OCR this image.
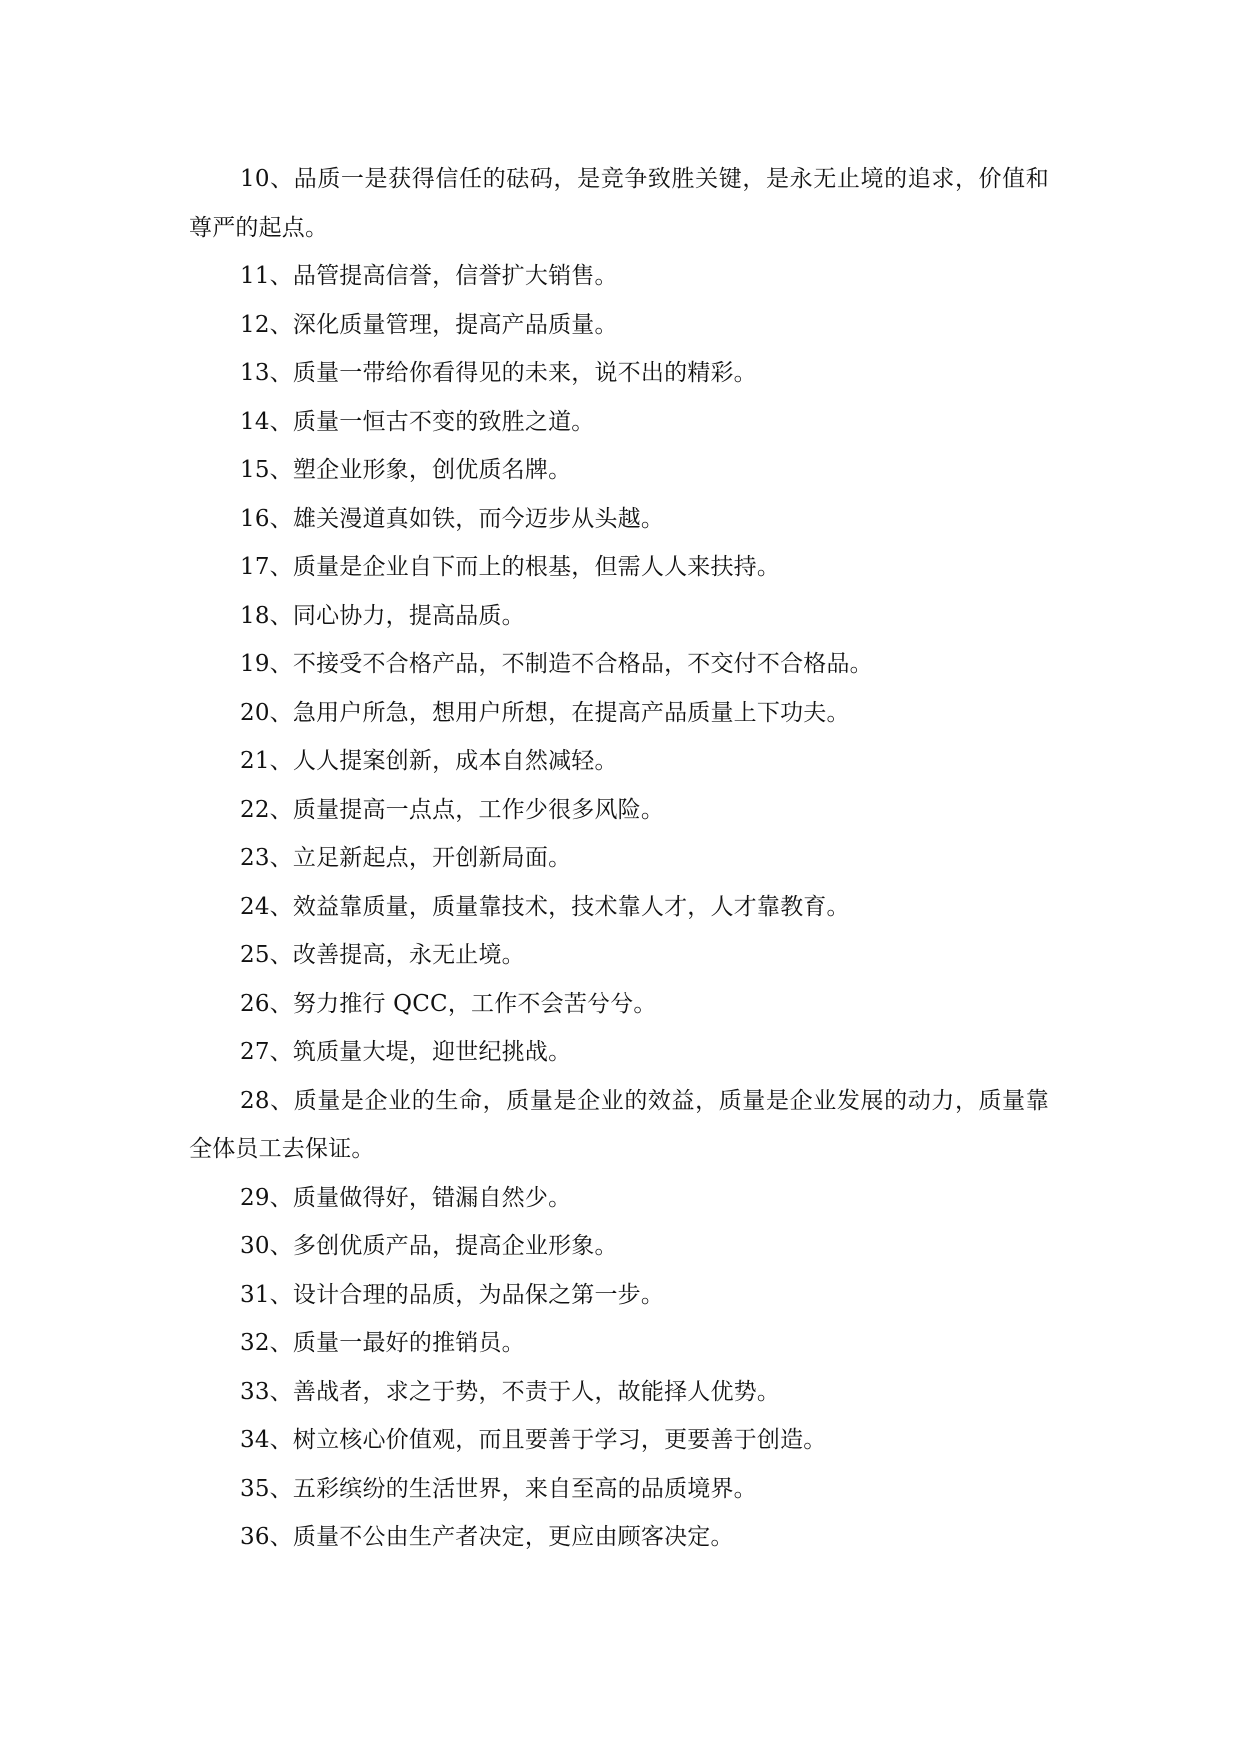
10、品质一是获得信任的砝码，是竞争致胜关键，是永无止境的追求，价值和尊严的起点。

11、品管提高信誉，信誉扩大销售。

12、深化质量管理，提高产品质量。

13、质量一带给你看得见的未来，说不出的精彩。

14、质量一恒古不变的致胜之道。

15、塑企业形象，创优质名牌。

16、雄关漫道真如铁，而今迈步从头越。

17、质量是企业自下而上的根基，但需人人来扶持。

18、同心协力，提高品质。

19、不接受不合格产品，不制造不合格品，不交付不合格品。

20、急用户所急，想用户所想，在提高产品质量上下功夫。

21、人人提案创新，成本自然减轻。

22、质量提高一点点，工作少很多风险。

23、立足新起点，开创新局面。

24、效益靠质量，质量靠技术，技术靠人才，人才靠教育。

25、改善提高，永无止境。

26、努力推行 QCC，工作不会苦兮兮。

27、筑质量大堤，迎世纪挑战。

28、质量是企业的生命，质量是企业的效益，质量是企业发展的动力，质量靠全体员工去保证。

29、质量做得好，错漏自然少。

30、多创优质产品，提高企业形象。

31、设计合理的品质，为品保之第一步。

32、质量一最好的推销员。

33、善战者，求之于势，不责于人，故能择人优势。

34、树立核心价值观，而且要善于学习，更要善于创造。

35、五彩缤纷的生活世界，来自至高的品质境界。

36、质量不公由生产者决定，更应由顾客决定。
